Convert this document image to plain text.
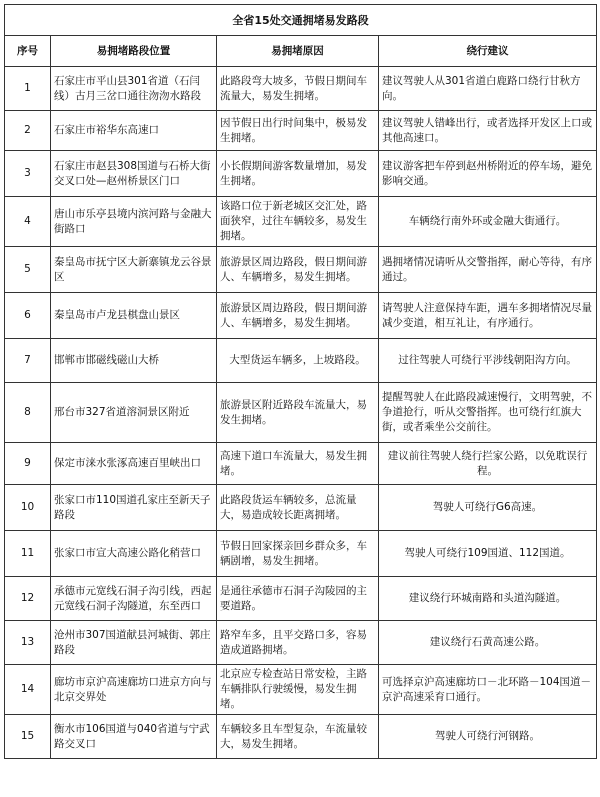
全省15处交通拥堵易发路段			
序号	易拥堵路段位置	易拥堵原因	绕行建议
1	石家庄市平山县301省道（石闫线）古月三岔口通往沕沕水路段	此路段弯大坡多，节假日期间车流量大，易发生拥堵。	建议驾驶人从301省道白鹿路口绕行甘秋方向。
2	石家庄市裕华东高速口	因节假日出行时间集中，极易发生拥堵。	建议驾驶人错峰出行，或者选择开发区上口或其他高速口。
3	石家庄市赵县308国道与石桥大街交叉口处—赵州桥景区门口	小长假期间游客数量增加，易发生拥堵。	建议游客把车停到赵州桥附近的停车场，避免影响交通。
4	唐山市乐亭县境内滨河路与金融大街路口	该路口位于新老城区交汇处，路面狭窄，过往车辆较多，易发生拥堵。	车辆绕行南外环或金融大街通行。
5	秦皇岛市抚宁区大新寨镇龙云谷景区	旅游景区周边路段，假日期间游人、车辆增多，易发生拥堵。	遇拥堵情况请听从交警指挥，耐心等待，有序通过。
6	秦皇岛市卢龙县棋盘山景区	旅游景区周边路段，假日期间游人、车辆增多，易发生拥堵。	请驾驶人注意保持车距，遇车多拥堵情况尽量减少变道，相互礼让，有序通行。
7	邯郸市邯磁线磁山大桥	大型货运车辆多，上坡路段。	过往驾驶人可绕行平涉线朝阳沟方向。
8	邢台市327省道溶洞景区附近	旅游景区附近路段车流量大，易发生拥堵。	提醒驾驶人在此路段减速慢行，文明驾驶，不争道抢行，听从交警指挥。也可绕行红旗大街，或者乘坐公交前往。
9	保定市涞水张涿高速百里峡出口	高速下道口车流量大，易发生拥堵。	建议前往驾驶人绕行拦家公路，以免耽误行程。
10	张家口市110国道孔家庄至新天子路段	此路段货运车辆较多，总流量大，易造成较长距离拥堵。	驾驶人可绕行G6高速。
11	张家口市宣大高速公路化稍营口	节假日回家探亲回乡群众多，车辆剧增，易发生拥堵。	驾驶人可绕行109国道、112国道。
12	承德市元宽线石洞子沟引线，西起元宽线石洞子沟隧道，东至西口	是通往承德市石洞子沟陵园的主要道路。	建议绕行环城南路和头道沟隧道。
13	沧州市307国道献县河城街、郭庄路段	路窄车多，且平交路口多，容易造成道路拥堵。	建议绕行石黄高速公路。
14	廊坊市京沪高速廊坊口进京方向与北京交界处	北京应专检查站日常安检，主路车辆排队行驶缓慢，易发生拥堵。	可选择京沪高速廊坊口－北环路－104国道－京沪高速采育口通行。
15	衡水市106国道与040省道与宁武路交叉口	车辆较多且车型复杂，车流量较大，易发生拥堵。	驾驶人可绕行河钢路。
